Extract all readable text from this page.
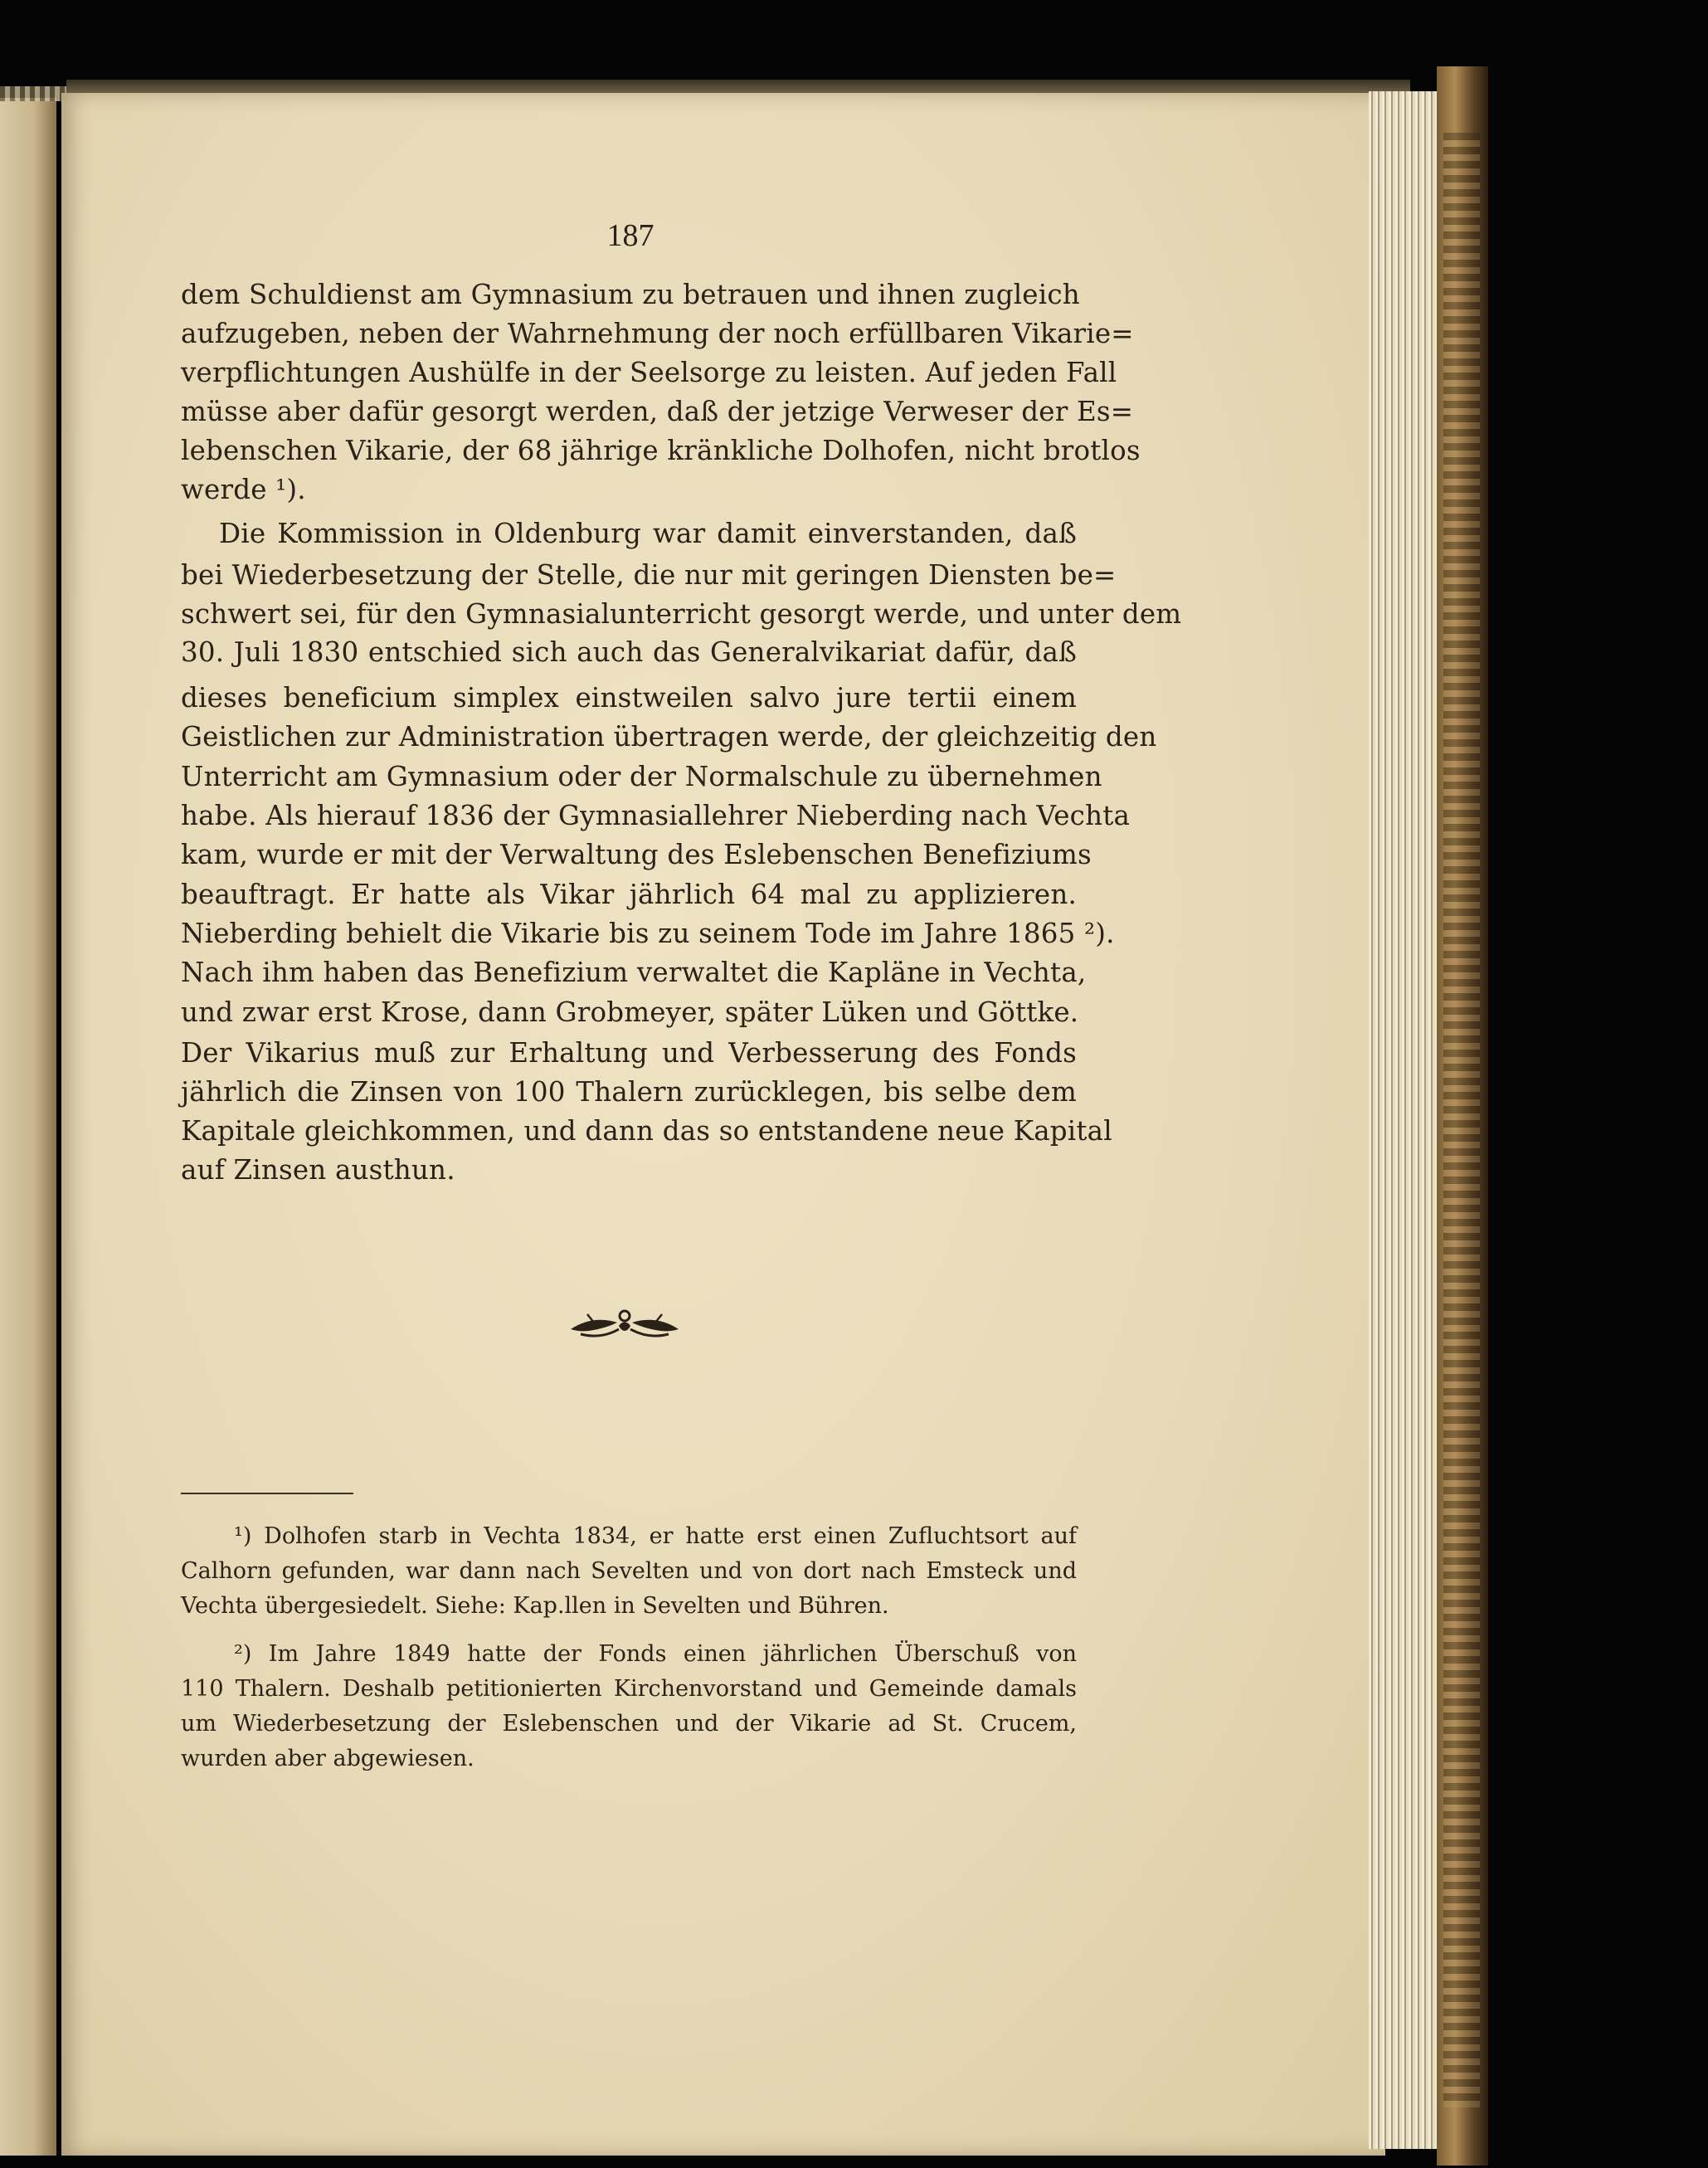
187
dem Schuldienst am Gymnasium zu betrauen und ihnen zugleich
aufzugeben, neben der Wahrnehmung der noch erfüllbaren Vikarie=
verpflichtungen Aushülfe in der Seelsorge zu leisten. Auf jeden Fall
müsse aber dafür gesorgt werden, daß der jetzige Verweser der Es=
lebenschen Vikarie, der 68 jährige kränkliche Dolhofen, nicht brotlos
werde ¹).
Die Kommission in Oldenburg war damit einverstanden, daß
bei Wiederbesetzung der Stelle, die nur mit geringen Diensten be=
schwert sei, für den Gymnasialunterricht gesorgt werde, und unter dem
30. Juli 1830 entschied sich auch das Generalvikariat dafür, daß
dieses beneficium simplex einstweilen salvo jure tertii einem
Geistlichen zur Administration übertragen werde, der gleichzeitig den
Unterricht am Gymnasium oder der Normalschule zu übernehmen
habe. Als hierauf 1836 der Gymnasiallehrer Nieberding nach Vechta
kam, wurde er mit der Verwaltung des Eslebenschen Benefiziums
beauftragt. Er hatte als Vikar jährlich 64 mal zu applizieren.
Nieberding behielt die Vikarie bis zu seinem Tode im Jahre 1865 ²).
Nach ihm haben das Benefizium verwaltet die Kapläne in Vechta,
und zwar erst Krose, dann Grobmeyer, später Lüken und Göttke.
Der Vikarius muß zur Erhaltung und Verbesserung des Fonds
jährlich die Zinsen von 100 Thalern zurücklegen, bis selbe dem
Kapitale gleichkommen, und dann das so entstandene neue Kapital
auf Zinsen austhun.
¹) Dolhofen starb in Vechta 1834, er hatte erst einen Zufluchtsort auf
Calhorn gefunden, war dann nach Sevelten und von dort nach Emsteck und
Vechta übergesiedelt. Siehe: Kap.llen in Sevelten und Bühren.
²) Im Jahre 1849 hatte der Fonds einen jährlichen Überschuß von
110 Thalern. Deshalb petitionierten Kirchenvorstand und Gemeinde damals
um Wiederbesetzung der Eslebenschen und der Vikarie ad St. Crucem,
wurden aber abgewiesen.
